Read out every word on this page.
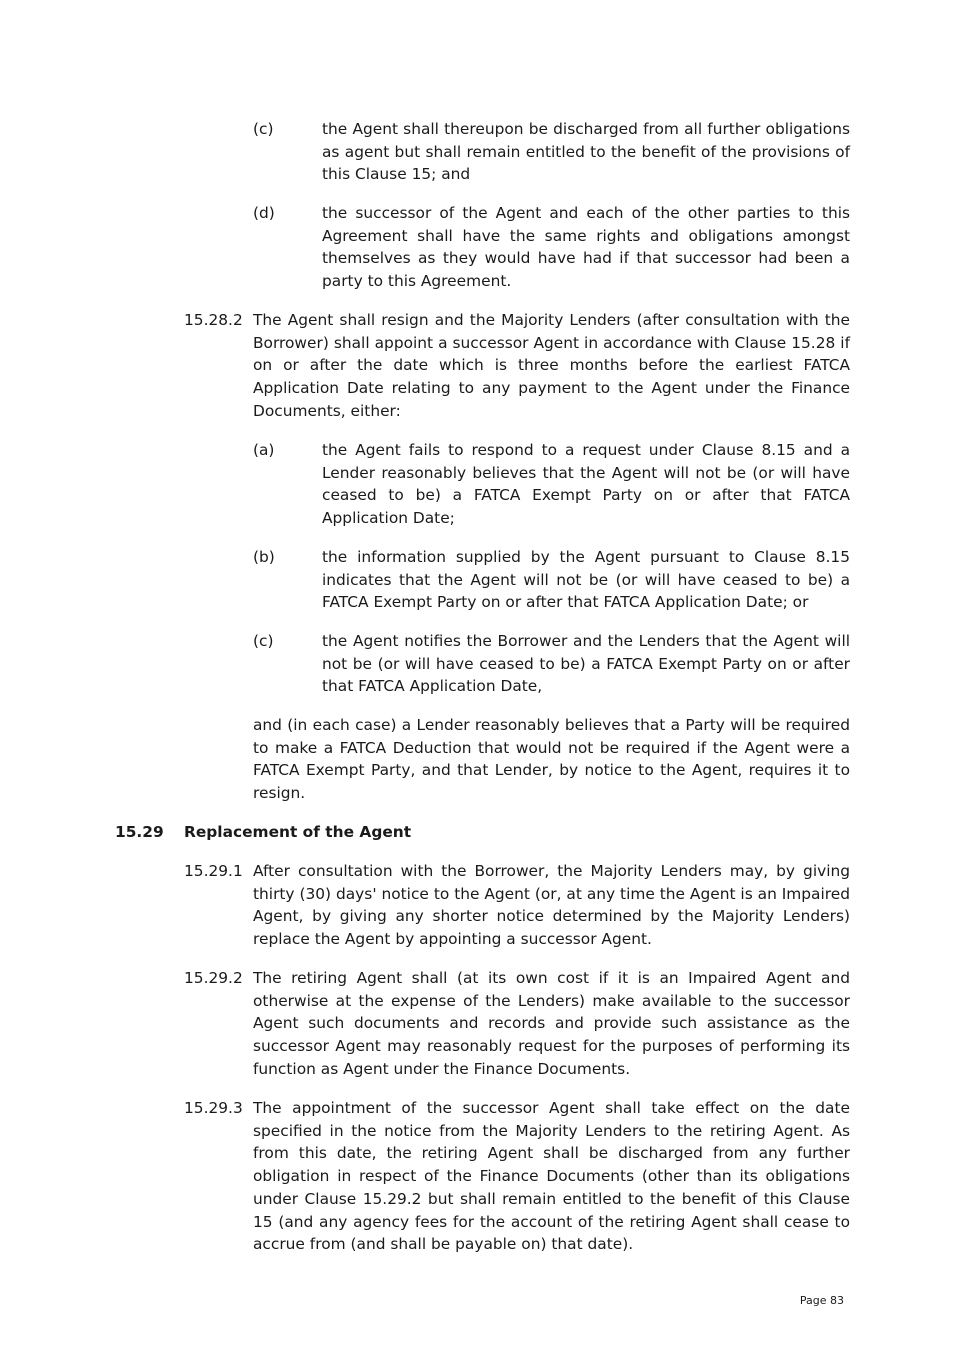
(c)	the Agent shall thereupon be discharged from all further obligations as agent but shall remain entitled to the benefit of the provisions of this Clause 15; and
(d)	the successor of the Agent and each of the other parties to this Agreement shall have the same rights and obligations amongst themselves as they would have had if that successor had been a party to this Agreement.
15.28.2 The Agent shall resign and the Majority Lenders (after consultation with the Borrower) shall appoint a successor Agent in accordance with Clause 15.28 if on or after the date which is three months before the earliest FATCA Application Date relating to any payment to the Agent under the Finance Documents, either:
(a)	the Agent fails to respond to a request under Clause 8.15 and a Lender reasonably believes that the Agent will not be (or will have ceased to be) a FATCA Exempt Party on or after that FATCA Application Date;
(b)	the information supplied by the Agent pursuant to Clause 8.15 indicates that the Agent will not be (or will have ceased to be) a FATCA Exempt Party on or after that FATCA Application Date; or
(c)	the Agent notifies the Borrower and the Lenders that the Agent will not be (or will have ceased to be) a FATCA Exempt Party on or after that FATCA Application Date,
and (in each case) a Lender reasonably believes that a Party will be required to make a FATCA Deduction that would not be required if the Agent were a FATCA Exempt Party, and that Lender, by notice to the Agent, requires it to resign.
15.29 Replacement of the Agent
15.29.1 After consultation with the Borrower, the Majority Lenders may, by giving thirty (30) days' notice to the Agent (or, at any time the Agent is an Impaired Agent, by giving any shorter notice determined by the Majority Lenders) replace the Agent by appointing a successor Agent.
15.29.2 The retiring Agent shall (at its own cost if it is an Impaired Agent and otherwise at the expense of the Lenders) make available to the successor Agent such documents and records and provide such assistance as the successor Agent may reasonably request for the purposes of performing its function as Agent under the Finance Documents.
15.29.3 The appointment of the successor Agent shall take effect on the date specified in the notice from the Majority Lenders to the retiring Agent. As from this date, the retiring Agent shall be discharged from any further obligation in respect of the Finance Documents (other than its obligations under Clause 15.29.2 but shall remain entitled to the benefit of this Clause 15 (and any agency fees for the account of the retiring Agent shall cease to accrue from (and shall be payable on) that date).
Page 83
